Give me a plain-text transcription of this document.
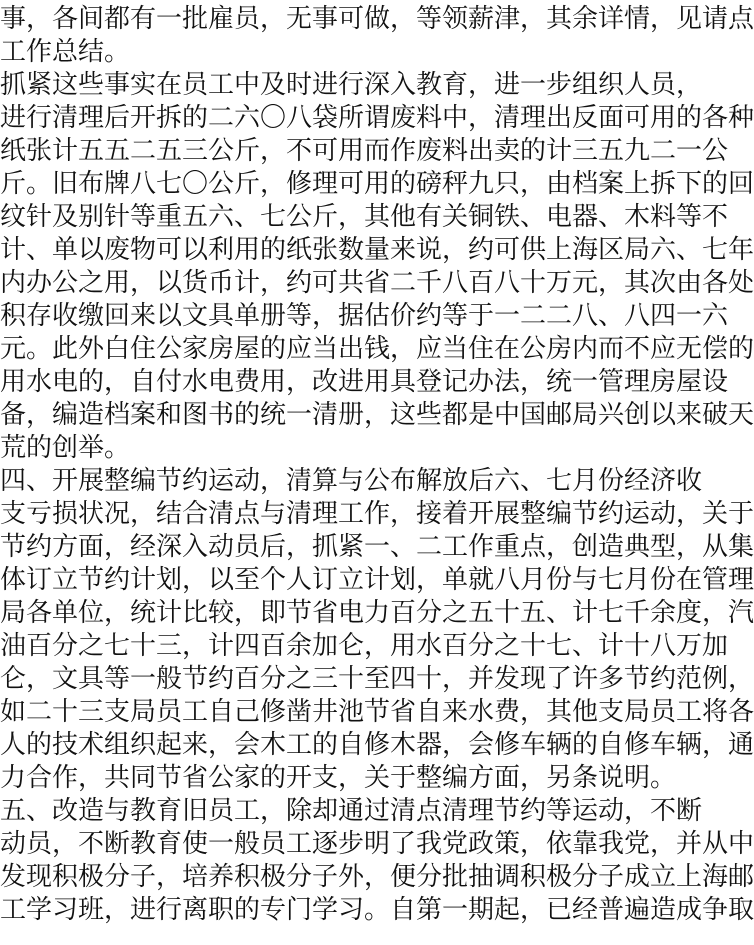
事，各间都有一批雇员，无事可做，等领薪津，其余详情，见请点
工作总结。
抓紧这些事实在员工中及时进行深入教育，进一步组织人员，
进行清理后开拆的二六〇八袋所谓废料中，清理出反面可用的各种
纸张计五五二五三公斤，不可用而作废料出卖的计三五九二一公
斤。旧布牌八七〇公斤，修理可用的磅秤九只，由档案上拆下的回
纹针及别针等重五六、七公斤，其他有关铜铁、电器、木料等不
计、单以废物可以利用的纸张数量来说，约可供上海区局六、七年
内办公之用，以货币计，约可共省二千八百八十万元，其次由各处
积存收缴回来以文具单册等，据估价约等于一二二八、八四一六
元。此外白住公家房屋的应当出钱，应当住在公房内而不应无偿的
用水电的，自付水电费用，改进用具登记办法，统一管理房屋设
备，编造档案和图书的统一清册，这些都是中国邮局兴创以来破天
荒的创举。
四、开展整编节约运动，清算与公布解放后六、七月份经济收
支亏损状况，结合清点与清理工作，接着开展整编节约运动，关于
节约方面，经深入动员后，抓紧一、二工作重点，创造典型，从集
体订立节约计划，以至个人订立计划，单就八月份与七月份在管理
局各单位，统计比较，即节省电力百分之五十五、计七千余度，汽
油百分之七十三，计四百余加仑，用水百分之十七、计十八万加
仑，文具等一般节约百分之三十至四十，并发现了许多节约范例，
如二十三支局员工自己修凿井池节省自来水费，其他支局员工将各
人的技术组织起来，会木工的自修木器，会修车辆的自修车辆，通
力合作，共同节省公家的开支，关于整编方面，另条说明。
五、改造与教育旧员工，除却通过清点清理节约等运动，不断
动员，不断教育使一般员工逐步明了我党政策，依靠我党，并从中
发现积极分子，培养积极分子外，便分批抽调积极分子成立上海邮
工学习班，进行离职的专门学习。自第一期起，已经普遍造成争取
